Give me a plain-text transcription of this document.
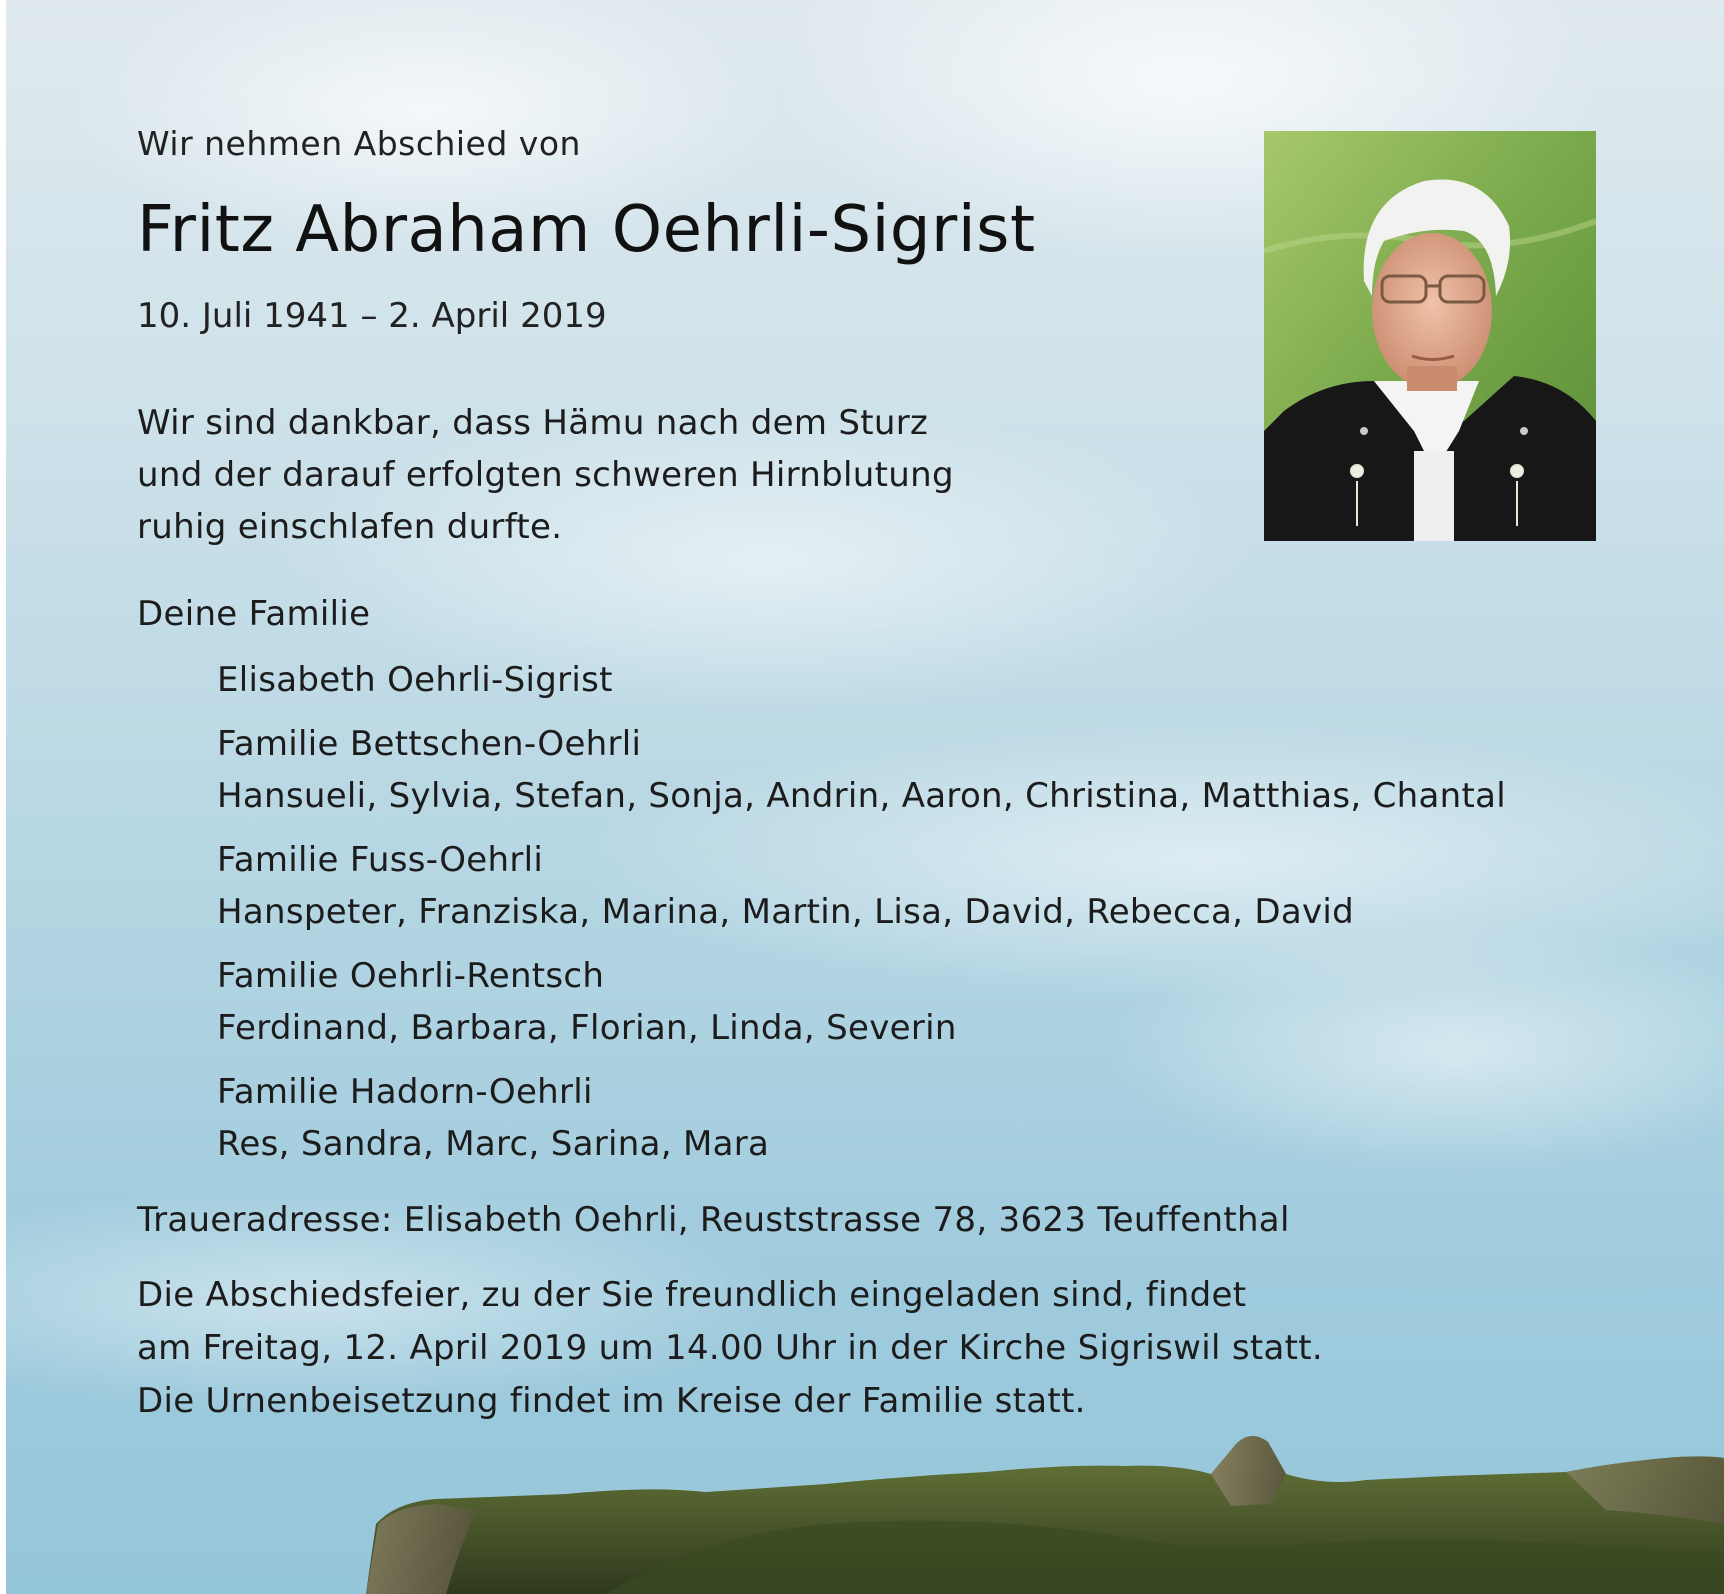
Wir nehmen Abschied von
Fritz Abraham Oehrli-Sigrist
10. Juli 1941 – 2. April 2019
Wir sind dankbar, dass Hämu nach dem Sturz
und der darauf erfolgten schweren Hirnblutung
ruhig einschlafen durfte.
Deine Familie
Elisabeth Oehrli-Sigrist
Familie Bettschen-Oehrli
Hansueli, Sylvia, Stefan, Sonja, Andrin, Aaron, Christina, Matthias, Chantal
Familie Fuss-Oehrli
Hanspeter, Franziska, Marina, Martin, Lisa, David, Rebecca, David
Familie Oehrli-Rentsch
Ferdinand, Barbara, Florian, Linda, Severin
Familie Hadorn-Oehrli
Res, Sandra, Marc, Sarina, Mara
Traueradresse: Elisabeth Oehrli, Reuststrasse 78, 3623 Teuffenthal
Die Abschiedsfeier, zu der Sie freundlich eingeladen sind, findet
am Freitag, 12. April 2019 um 14.00 Uhr in der Kirche Sigriswil statt.
Die Urnenbeisetzung findet im Kreise der Familie statt.
